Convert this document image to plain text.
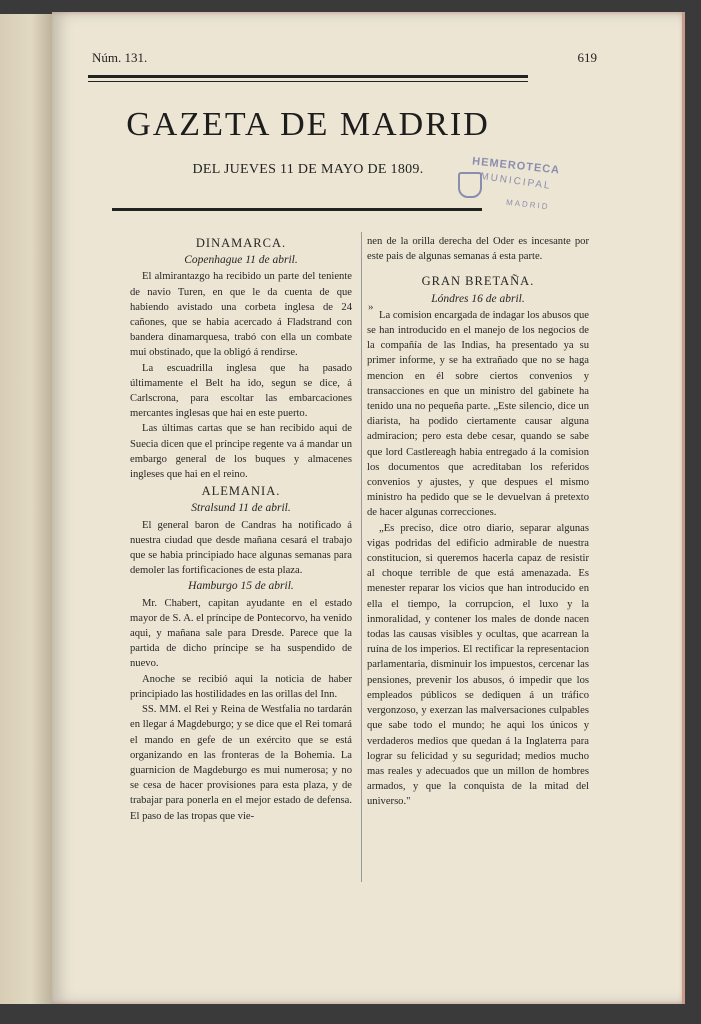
Núm. 131.	619
GAZETA DE MADRID
DEL JUEVES 11 DE MAYO DE 1809.	HEMEROTECA
MUNICIPAL
MADRID
DINAMARCA.
Copenhague 11 de abril.

El almirantazgo ha recibido un parte del teniente de navio Turen, en que le da cuenta de que habiendo avistado una corbeta inglesa de 24 cañones, que se habia acercado á Fladstrand con bandera dinamarquesa, trabó con ella un combate mui obstinado, que la obligó á rendirse.

La escuadrilla inglesa que ha pasado últimamente el Belt ha ido, segun se dice, á Carlscrona, para escoltar las embarcaciones mercantes inglesas que hai en este puerto.

Las últimas cartas que se han recibido aqui de Suecia dicen que el príncipe regente va á mandar un embargo general de los buques y almacenes ingleses que hai en el reino.

ALEMANIA.
Stralsund 11 de abril.

El general baron de Candras ha notificado á nuestra ciudad que desde mañana cesará el trabajo que se habia principiado hace algunas semanas para demoler las fortificaciones de esta plaza.

Hamburgo 15 de abril.

Mr. Chabert, capitan ayudante en el estado mayor de S. A. el príncipe de Pontecorvo, ha venido aqui, y mañana sale para Dresde. Parece que la partida de dicho príncipe se ha suspendido de nuevo.

Anoche se recibió aqui la noticia de haber principiado las hostilidades en las orillas del Inn.

SS. MM. el Rei y Reina de Westfalia no tardarán en llegar á Magdeburgo; y se dice que el Rei tomará el mando en gefe de un exército que se está organizando en las fronteras de la Bohemia. La guarnicion de Magdeburgo es mui numerosa; y no se cesa de hacer provisiones para esta plaza, y de trabajar para ponerla en el mejor estado de defensa. El paso de las tropas que vie-

nen de la orilla derecha del Oder es incesante por este pais de algunas semanas á esta parte.

GRAN BRETAÑA.
Lóndres 16 de abril.

La comision encargada de indagar los abusos que se han introducido en el manejo de los negocios de la compañía de las Indias, ha presentado ya su primer informe, y se ha extrañado que no se haga mencion en él sobre ciertos convenios y transacciones en que un ministro del gabinete ha tenido una no pequeña parte. „Este silencio, dice un diarista, ha podido ciertamente causar alguna admiracion; pero esta debe cesar, quando se sabe que lord Castlereagh habia entregado á la comision los documentos que acreditaban los referidos convenios y ajustes, y que despues el mismo ministro ha pedido que se le devuelvan á pretexto de hacer algunas correcciones.

„Es preciso, dice otro diario, separar algunas vigas podridas del edificio admirable de nuestra constitucion, si queremos hacerla capaz de resistir al choque terrible de que está amenazada. Es menester reparar los vicios que han introducido en ella el tiempo, la corrupcion, el luxo y la inmoralidad, y contener los males de donde nacen todas las causas visibles y ocultas, que acarrean la ruína de los imperios. El rectificar la representacion parlamentaria, disminuir los impuestos, cercenar las pensiones, prevenir los abusos, ó impedir que los empleados públicos se dediquen á un tráfico vergonzoso, y exerzan las malversaciones culpables que sabe todo el mundo; he aqui los únicos y verdaderos medios que quedan á la Inglaterra para lograr su felicidad y su seguridad; medios mucho mas reales y adecuados que un millon de hombres armados, y que la conquista de la mitad del universo."

»
